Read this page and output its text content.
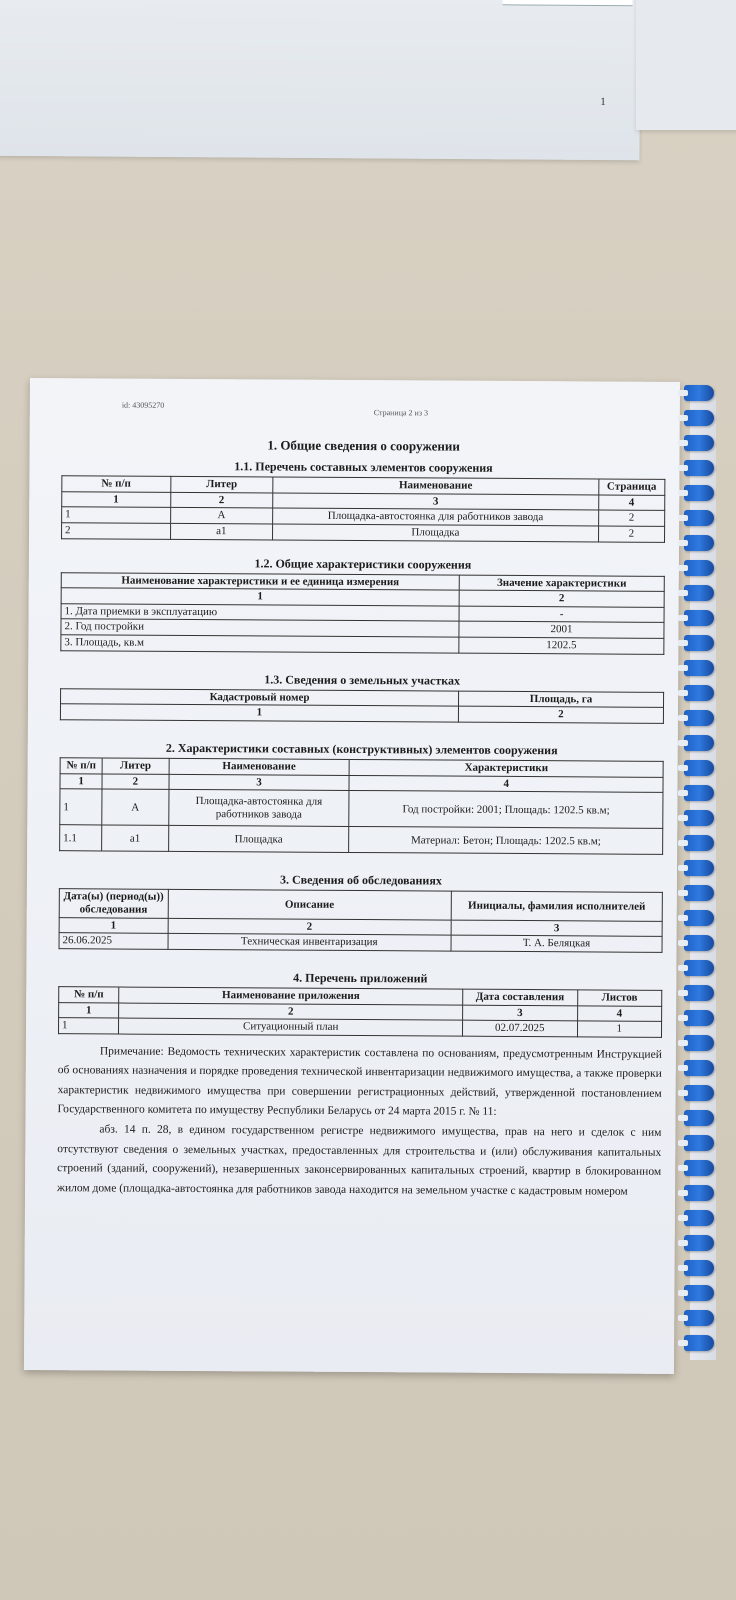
1
id: 43095270
Страница 2 из 3
1. Общие сведения о сооружении
1.1. Перечень составных элементов сооружения
№ п/п	Литер	Наименование	Страница
1	2	3	4
1	А	Площадка-автостоянка для работников завода	2
2	а1	Площадка	2
1.2. Общие характеристики сооружения
Наименование характеристики и ее единица измерения	Значение характеристики
1	2
1. Дата приемки в эксплуатацию	-
2. Год постройки	2001
3. Площадь, кв.м	1202.5
1.3. Сведения о земельных участках
Кадастровый номер	Площадь, га
1	2
2. Характеристики составных (конструктивных) элементов сооружения
№ п/п	Литер	Наименование	Характеристики
1	2	3	4
1	А	Площадка-автостоянка для работников завода	Год постройки: 2001; Площадь: 1202.5 кв.м;
1.1	а1	Площадка	Материал: Бетон; Площадь: 1202.5 кв.м;
3. Сведения об обследованиях
Дата(ы) (период(ы)) обследования	Описание	Инициалы, фамилия исполнителей
1	2	3
26.06.2025	Техническая инвентаризация	Т. А. Беляцкая
4. Перечень приложений
№ п/п	Наименование приложения	Дата составления	Листов
1	2	3	4
1	Ситуационный план	02.07.2025	1

Примечание: Ведомость технических характеристик составлена по основаниям, предусмотренным Инструкцией об основаниях назначения и порядке проведения технической инвентаризации недвижимого имущества, а также проверки характеристик недвижимого имущества при совершении регистрационных действий, утвержденной постановлением Государственного комитета по имуществу Республики Беларусь от 24 марта 2015 г. № 11:

абз. 14 п. 28, в едином государственном регистре недвижимого имущества, прав на него и сделок с ним отсутствуют сведения о земельных участках, предоставленных для строительства и (или) обслуживания капитальных строений (зданий, сооружений), незавершенных законсервированных капитальных строений, квартир в блокированном жилом доме (площадка-автостоянка для работников завода находится на земельном участке с кадастровым номером
